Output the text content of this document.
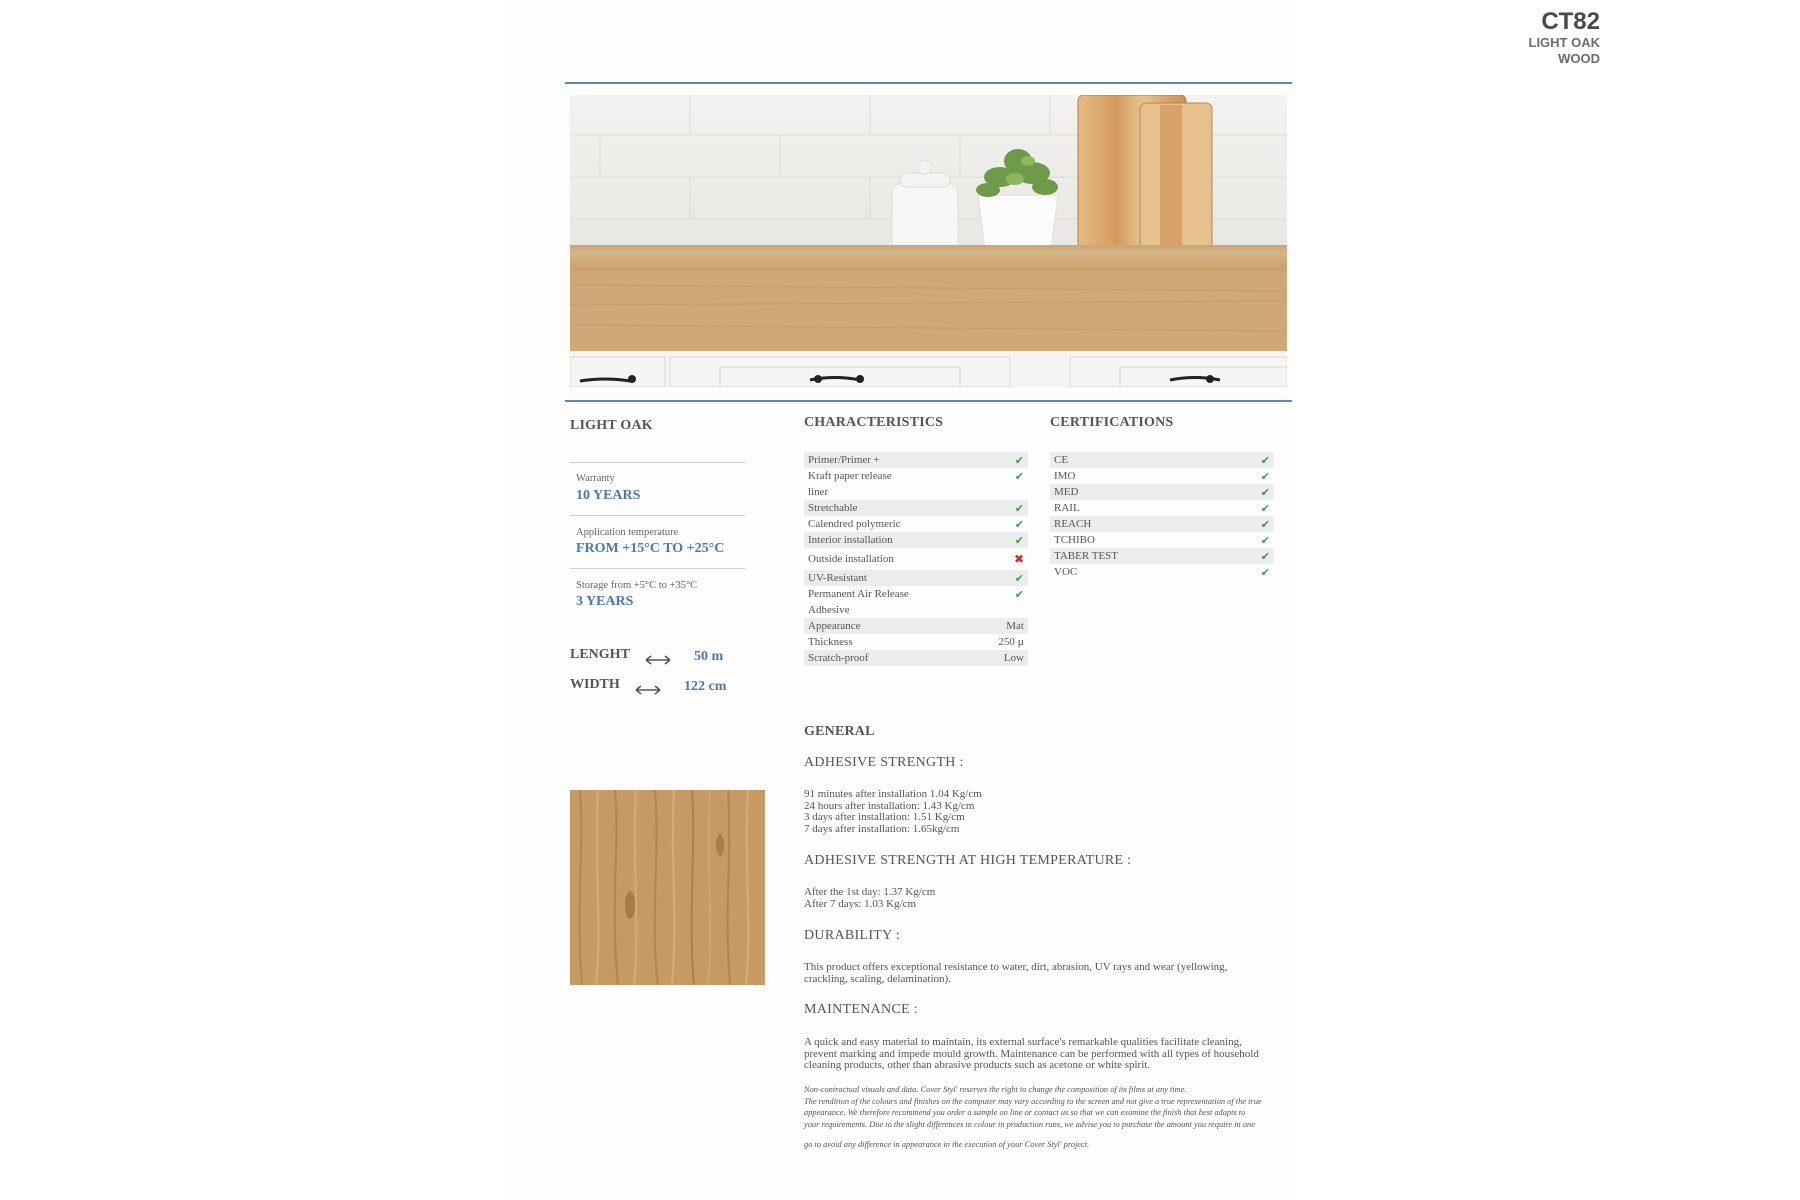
CT82
LIGHT OAK
WOOD
LIGHT OAK
Warranty
10 YEARS
Application temperature
FROM +15°C TO +25°C
Storage from +5°C to +35°C
3 YEARS
LENGHT	50 m
WIDTH	122 cm
CHARACTERISTICS
Primer/Primer +	✔
Kraft paper release	✔
liner	
Stretchable	✔
Calendred polymeric	✔
Interior installation	✔
Outside installation	✖
UV-Resistant	✔
Permanent Air Release	✔
Adhesive	
Appearance	Mat
Thickness	250 µ
Scratch-proof	Low
CERTIFICATIONS
CE	✔
IMO	✔
MED	✔
RAIL	✔
REACH	✔
TCHIBO	✔
TABER TEST	✔
VOC	✔
GENERAL
ADHESIVE STRENGTH :
91 minutes after installation 1.04 Kg/cm
24 hours after installation: 1.43 Kg/cm
3 days after installation: 1.51 Kg/cm
7 days after installation: 1.65kg/cm
ADHESIVE STRENGTH AT HIGH TEMPERATURE :
After the 1st day: 1.37 Kg/cm
After 7 days: 1.03 Kg/cm
DURABILITY :
This product offers exceptional resistance to water, dirt, abrasion, UV rays and wear (yellowing,
crackling, scaling, delamination).
MAINTENANCE :
A quick and easy material to maintain, its external surface's remarkable qualities facilitate cleaning,
prevent marking and impede mould growth. Maintenance can be performed with all types of household
cleaning products, other than abrasive products such as acetone or white spirit.
Non-contractual visuals and data. Cover Styl' reserves the right to change the composition of its films at any time.
The rendition of the colours and finishes on the computer may vary according to the screen and not give a true representation of the true
appearance. We therefore recommend you order a sample on line or contact us so that we can examine the finish that best adapts to
your requirements. Due to the slight differences in colour in production runs, we advise you to purchase the amount you require in one
go to avoid any difference in appearance in the execution of your Cover Styl' project.
